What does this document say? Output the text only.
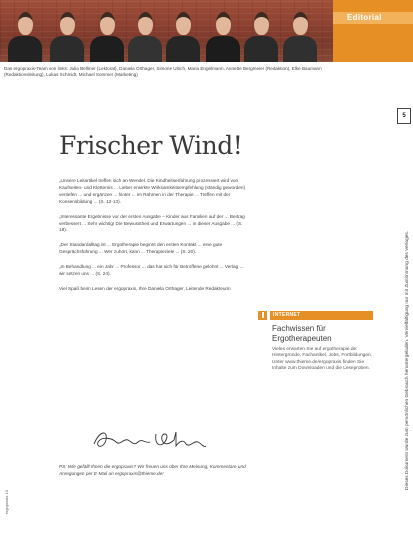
Editorial
Das ergopraxis-Team von links: Julia Bellmer (Lektorat), Daniela Orthager, Simone Ulrich, Maria Engelmann, Annette Bergmeier (Redaktion), Elke Baumann (Redaktionsleitung), Lukas Schmidt, Michael Sommer (Marketing)
5
Dieses Dokument wurde zum persönlichen Gebrauch heruntergeladen. Vervielfältigung nur mit Zustimmung des Verlages.
ergopraxis 10
Frischer Wind!

„Unsere Leitartikel treffen sich an Wendel. Die Kindheitserfahrung prozessiert wird von Kaufseiten- und Kletternis ... Lieber erwirkte Wirksamkeitsempfehlung (ständig geworden) vertiefen ... und ergänzen ... hinter ... im Rahmen in der Therapie ... Treffen mit der Konsensbildung ... (S. 12-13).

„Interessante Ergebnisse vor der ersten Ausgabe – Kinder aus Familien auf der ... Beitrag verbessert ... Sehr wichtig! Die Bewusstheit und Erwartungen ... in dieser Ausgabe ... (S. 18).

„Der Standardalltag ist ... Ergotherapie beginnt den ersten Kontakt ... eine gute Gesprächsführung ... Wer zuhört, kann ... Therapieziele ... (S. 20).

„In Behandlung ... ein Jahr ... Professor ... das hat sich für Betroffene gelohnt ... Verlag ... wir setzen uns ... (S. 24).

Viel Spaß beim Lesen der ergopraxis, Ihre Daniela Orthager, Leitende Redakteurin

PS: Wie gefällt Ihnen die ergopraxis? Wir freuen uns über Ihre Meinung, Kommentare und Anregungen per E-Mail an ergopraxis@thieme.de!
INTERNET
Fachwissen für Ergotherapeuten
Vieles erwarten Sie auf ergotherapie.de: Hintergründe, Fachartikel, Jobs, Fortbildungen. Unter www.thieme.de/ergopraxis finden Sie Inhalte zum Downloaden und die Leseproben.
